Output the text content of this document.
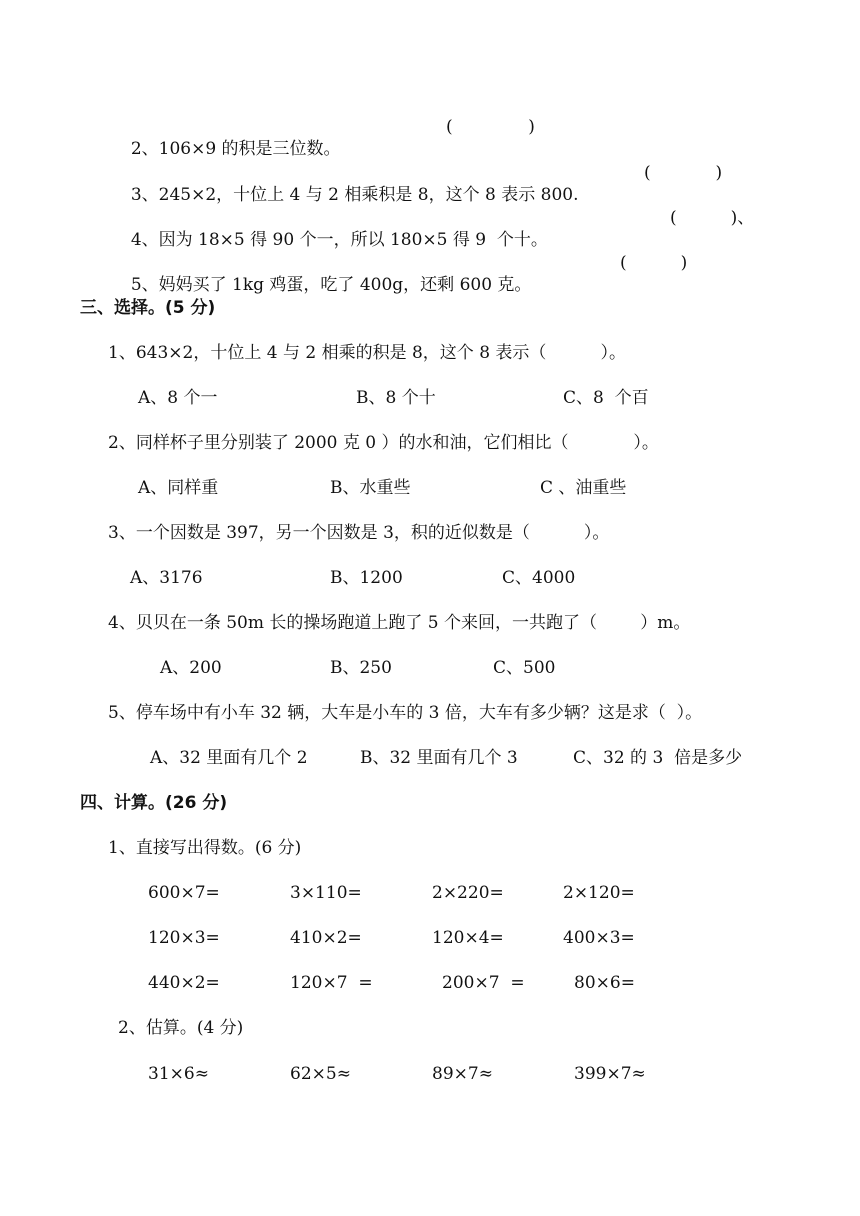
2、106×9 的积是三位数。

(              )

3、245×2，十位上 4 与 2 相乘积是 8，这个 8 表示 800.

(            )

4、因为 18×5 得 90 个一，所以 180×5 得 9  个十。

(          )、

5、妈妈买了 1kg 鸡蛋，吃了 400g，还剩 600 克。

(          )
三、选择。(5 分)
1、643×2，十位上 4 与 2 相乘的积是 8，这个 8 表示（          ）。
A、8 个一	B、8 个十	C、8  个百
2、同样杯子里分别装了 2000 克 0 ）的水和油，它们相比（            ）。
A、同样重	B、水重些	C 、油重些
3、一个因数是 397，另一个因数是 3，积的近似数是（          ）。
A、3176	B、1200	C、4000
4、贝贝在一条 50m 长的操场跑道上跑了 5 个来回，一共跑了（        ）m。
A、200	B、250	C、500
5、停车场中有小车 32 辆，大车是小车的 3 倍，大车有多少辆？这是求（  ）。
A、32 里面有几个 2	B、32 里面有几个 3	C、32 的 3  倍是多少
四、计算。(26 分)
1、直接写出得数。(6 分)
600×7=	3×110=	2×220=	2×120=
120×3=	410×2=	120×4=	400×3=
440×2=	120×7  =	200×7  =	80×6=
2、估算。(4 分)
31×6≈	62×5≈	89×7≈	399×7≈
